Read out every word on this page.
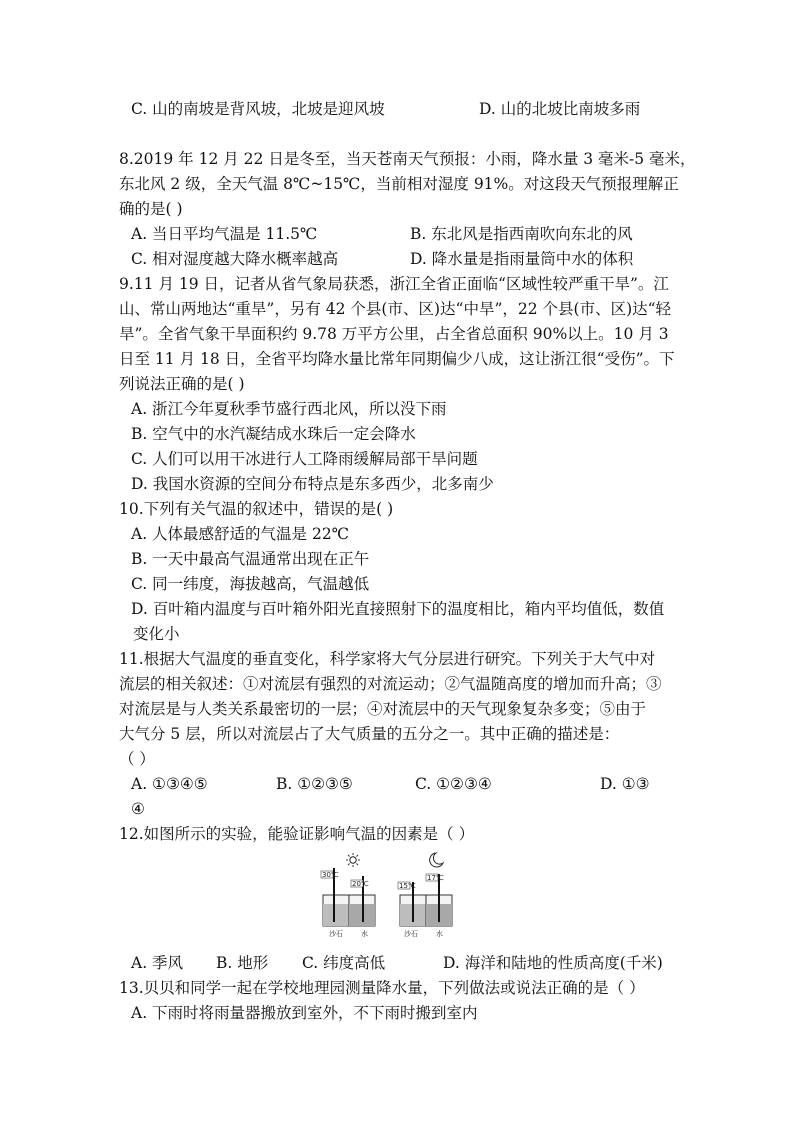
C. 山的南坡是背风坡，北坡是迎风坡	D. 山的北坡比南坡多雨
8.2019 年 12 月 22 日是冬至，当天苍南天气预报：小雨，降水量 3 毫米-5 毫米，
东北风 2 级，全天气温 8℃~15℃，当前相对湿度 91%。对这段天气预报理解正
确的是( )
A. 当日平均气温是 11.5℃	B. 东北风是指西南吹向东北的风
C. 相对湿度越大降水概率越高	D. 降水量是指雨量筒中水的体积
9.11 月 19 日，记者从省气象局获悉，浙江全省正面临“区域性较严重干旱”。江
山、常山两地达“重旱”，另有 42 个县(市、区)达“中旱”，22 个县(市、区)达“轻
旱”。全省气象干旱面积约 9.78 万平方公里，占全省总面积 90%以上。10 月 3
日至 11 月 18 日，全省平均降水量比常年同期偏少八成，这让浙江很“受伤”。下
列说法正确的是( )
A. 浙江今年夏秋季节盛行西北风，所以没下雨
B. 空气中的水汽凝结成水珠后一定会降水
C. 人们可以用干冰进行人工降雨缓解局部干旱问题
D. 我国水资源的空间分布特点是东多西少，北多南少
10.下列有关气温的叙述中，错误的是( )
A. 人体最感舒适的气温是 22℃
B. 一天中最高气温通常出现在正午
C. 同一纬度，海拔越高，气温越低
D. 百叶箱内温度与百叶箱外阳光直接照射下的温度相比，箱内平均值低，数值
变化小
11.根据大气温度的垂直变化，科学家将大气分层进行研究。下列关于大气中对
流层的相关叙述：①对流层有强烈的对流运动；②气温随高度的增加而升高；③
对流层是与人类关系最密切的一层；④对流层中的天气现象复杂多变；⑤由于
大气分 5 层，所以对流层占了大气质量的五分之一。其中正确的描述是：
（ ）
A. ①③④⑤	B. ①②③⑤	C. ①②③④	D. ①③
④
12.如图所示的实验，能验证影响气温的因素是（ ）
30℃
20℃
沙石	水
15℃
17℃
沙石	水
A. 季风 B. 地形 C. 纬度高低	D. 海洋和陆地的性质高度(千米)
13.贝贝和同学一起在学校地理园测量降水量，下列做法或说法正确的是（ ）
A. 下雨时将雨量器搬放到室外，不下雨时搬到室内
